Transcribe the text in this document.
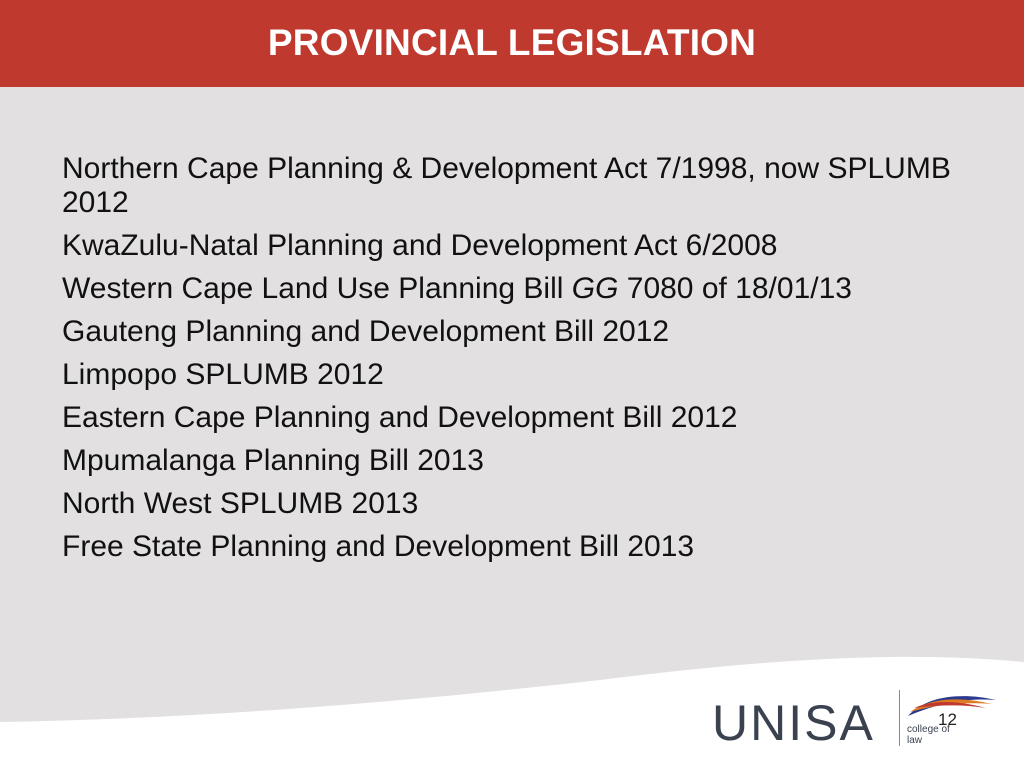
PROVINCIAL LEGISLATION
Northern Cape Planning & Development Act 7/1998, now SPLUMB 2012
KwaZulu-Natal Planning and Development Act 6/2008
Western Cape Land Use Planning Bill GG 7080 of 18/01/13
Gauteng Planning and Development Bill 2012
Limpopo SPLUMB 2012
Eastern Cape Planning and Development Bill 2012
Mpumalanga Planning Bill 2013
North West SPLUMB 2013
Free State Planning and Development Bill 2013
UNISA	college of
law
12
